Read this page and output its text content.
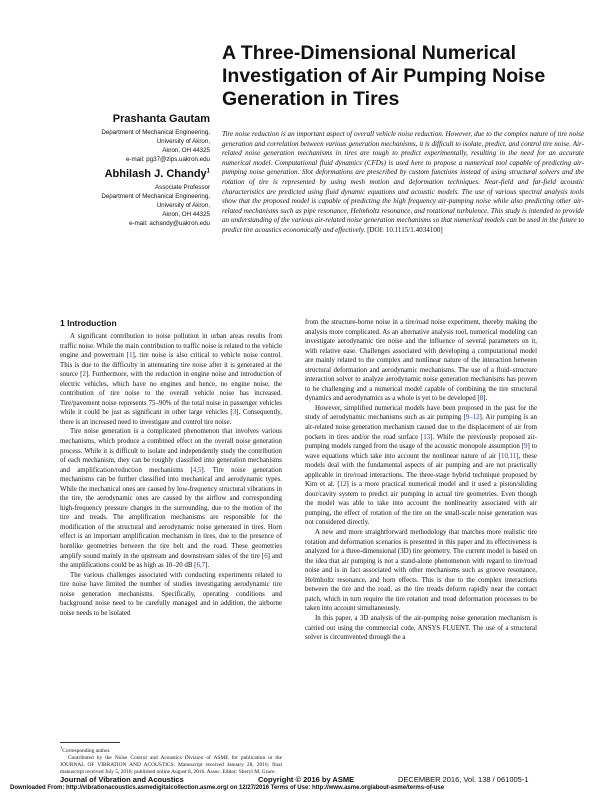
A Three-Dimensional Numerical Investigation of Air Pumping Noise Generation in Tires
Prashanta Gautam
Department of Mechanical Engineering,
University of Akron,
Akron, OH 44325
e-mail: pg37@zips.uakron.edu
Abhilash J. Chandy$^1$
Associate Professor
Department of Mechanical Engineering,
University of Akron,
Akron, OH 44325
e-mail: achandy@uakron.edu
Tire noise reduction is an important aspect of overall vehicle noise reduction. However, due to the complex nature of tire noise generation and correlation between various generation mechanisms, it is difficult to isolate, predict, and control tire noise. Air-related noise generation mechanisms in tires are tough to predict experimentally, resulting in the need for an accurate numerical model. Computational fluid dynamics (CFDs) is used here to propose a numerical tool capable of predicting air-pumping noise generation. Slot deformations are prescribed by custom functions instead of using structural solvers and the rotation of tire is represented by using mesh motion and deformation techniques. Near-field and far-field acoustic characteristics are predicted using fluid dynamic equations and acoustic models. The use of various spectral analysis tools show that the proposed model is capable of predicting the high frequency air-pumping noise while also predicting other air-related mechanisms such as pipe resonance, Helmholtz resonance, and rotational turbulence. This study is intended to provide an understanding of the various air-related noise generation mechanisms so that numerical models can be used in the future to predict tire acoustics economically and effectively. [DOI: 10.1115/1.4034100]
1 Introduction

A significant contribution to noise pollution in urban areas results from traffic noise. While the main contribution to traffic noise is related to the vehicle engine and powertrain [1], tire noise is also critical to vehicle noise control. This is due to the difficulty in attenuating tire noise after it is generated at the source [2]. Furthermore, with the reduction in engine noise and introduction of electric vehicles, which have no engines and hence, no engine noise, the contribution of tire noise to the overall vehicle noise has increased. Tire/pavement noise represents 75–90% of the total noise in passenger vehicles while it could be just as significant in other large vehicles [3]. Consequently, there is an increased need to investigate and control tire noise.

Tire noise generation is a complicated phenomenon that involves various mechanisms, which produce a combined effect on the overall noise generation process. While it is difficult to isolate and independently study the contribution of each mechanism, they can be roughly classified into generation mechanisms and amplification/reduction mechanisms [4,5]. Tire noise generation mechanisms can be further classified into mechanical and aerodynamic types. While the mechanical ones are caused by low-frequency structural vibrations in the tire, the aerodynamic ones are caused by the airflow and corresponding high-frequency pressure changes in the surrounding, due to the motion of the tire and treads. The amplification mechanisms are responsible for the modification of the structural and aerodynamic noise generated in tires. Horn effect is an important amplification mechanism in tires, due to the presence of hornlike geometries between the tire belt and the road. These geometries amplify sound mainly in the upstream and downstream sides of the tire [6] and the amplifications could be as high as 10–20 dB [6,7].

The various challenges associated with conducting experiments related to tire noise have limited the number of studies investigating aerodynamic tire noise generation mechanisms. Specifically, operating conditions and background noise need to be carefully managed and in addition, the airborne noise needs to be isolated

from the structure-borne noise in a tire/road noise experiment, thereby making the analysis more complicated. As an alternative analysis tool, numerical modeling can investigate aerodynamic tire noise and the influence of several parameters on it, with relative ease. Challenges associated with developing a computational model are mainly related to the complex and nonlinear nature of the interaction between structural deformation and aerodynamic mechanisms. The use of a fluid–structure interaction solver to analyze aerodynamic noise generation mechanisms has proven to be challenging and a numerical model capable of combining the tire structural dynamics and aerodynamics as a whole is yet to be developed [8].

However, simplified numerical models have been proposed in the past for the study of aerodynamic mechanisms such as air pumping [9–12]. Air pumping is an air-related noise generation mechanism caused due to the displacement of air from pockets in tires and/or the road surface [13]. While the previously proposed air-pumping models ranged from the usage of the acoustic monopole assumption [9] to wave equations which take into account the nonlinear nature of air [10,11], these models deal with the fundamental aspects of air pumping and are not practically applicable in tire/road interactions. The three-stage hybrid technique proposed by Kim et al. [12] is a more practical numerical model and it used a piston/sliding door/cavity system to predict air pumping in actual tire geometries. Even though the model was able to take into account the nonlinearity associated with air pumping, the effect of rotation of the tire on the small-scale noise generation was not considered directly.

A new and more straightforward methodology that matches more realistic tire rotation and deformation scenarios is presented in this paper and its effectiveness is analyzed for a three-dimensional (3D) tire geometry. The current model is based on the idea that air pumping is not a stand-alone phenomenon with regard to tire/road noise and is in fact associated with other mechanisms such as groove resonance, Helmholtz resonance, and horn effects. This is due to the complex interactions between the tire and the road, as the tire treads deform rapidly near the contact patch, which in turn require the tire rotation and tread deformation processes to be taken into account simultaneously.

In this paper, a 3D analysis of the air-pumping noise generation mechanism is carried out using the commercial code, ANSYS FLUENT. The use of a structural solver is circumvented through the a

$^1$Corresponding author.
Contributed by the Noise Control and Acoustics Division of ASME for publication in the JOURNAL OF VIBRATION AND ACOUSTICS. Manuscript received January 28, 2016; final manuscript received July 5, 2016; published online August 8, 2016. Assoc. Editor: Sheryl M. Grace.
Journal of Vibration and Acoustics	Copyright © 2016 by ASME	DECEMBER 2016, Vol. 138 / 061005-1
Downloaded From: http://vibrationacoustics.asmedigitalcollection.asme.org/ on 12/27/2016 Terms of Use: http://www.asme.org/about-asme/terms-of-use
